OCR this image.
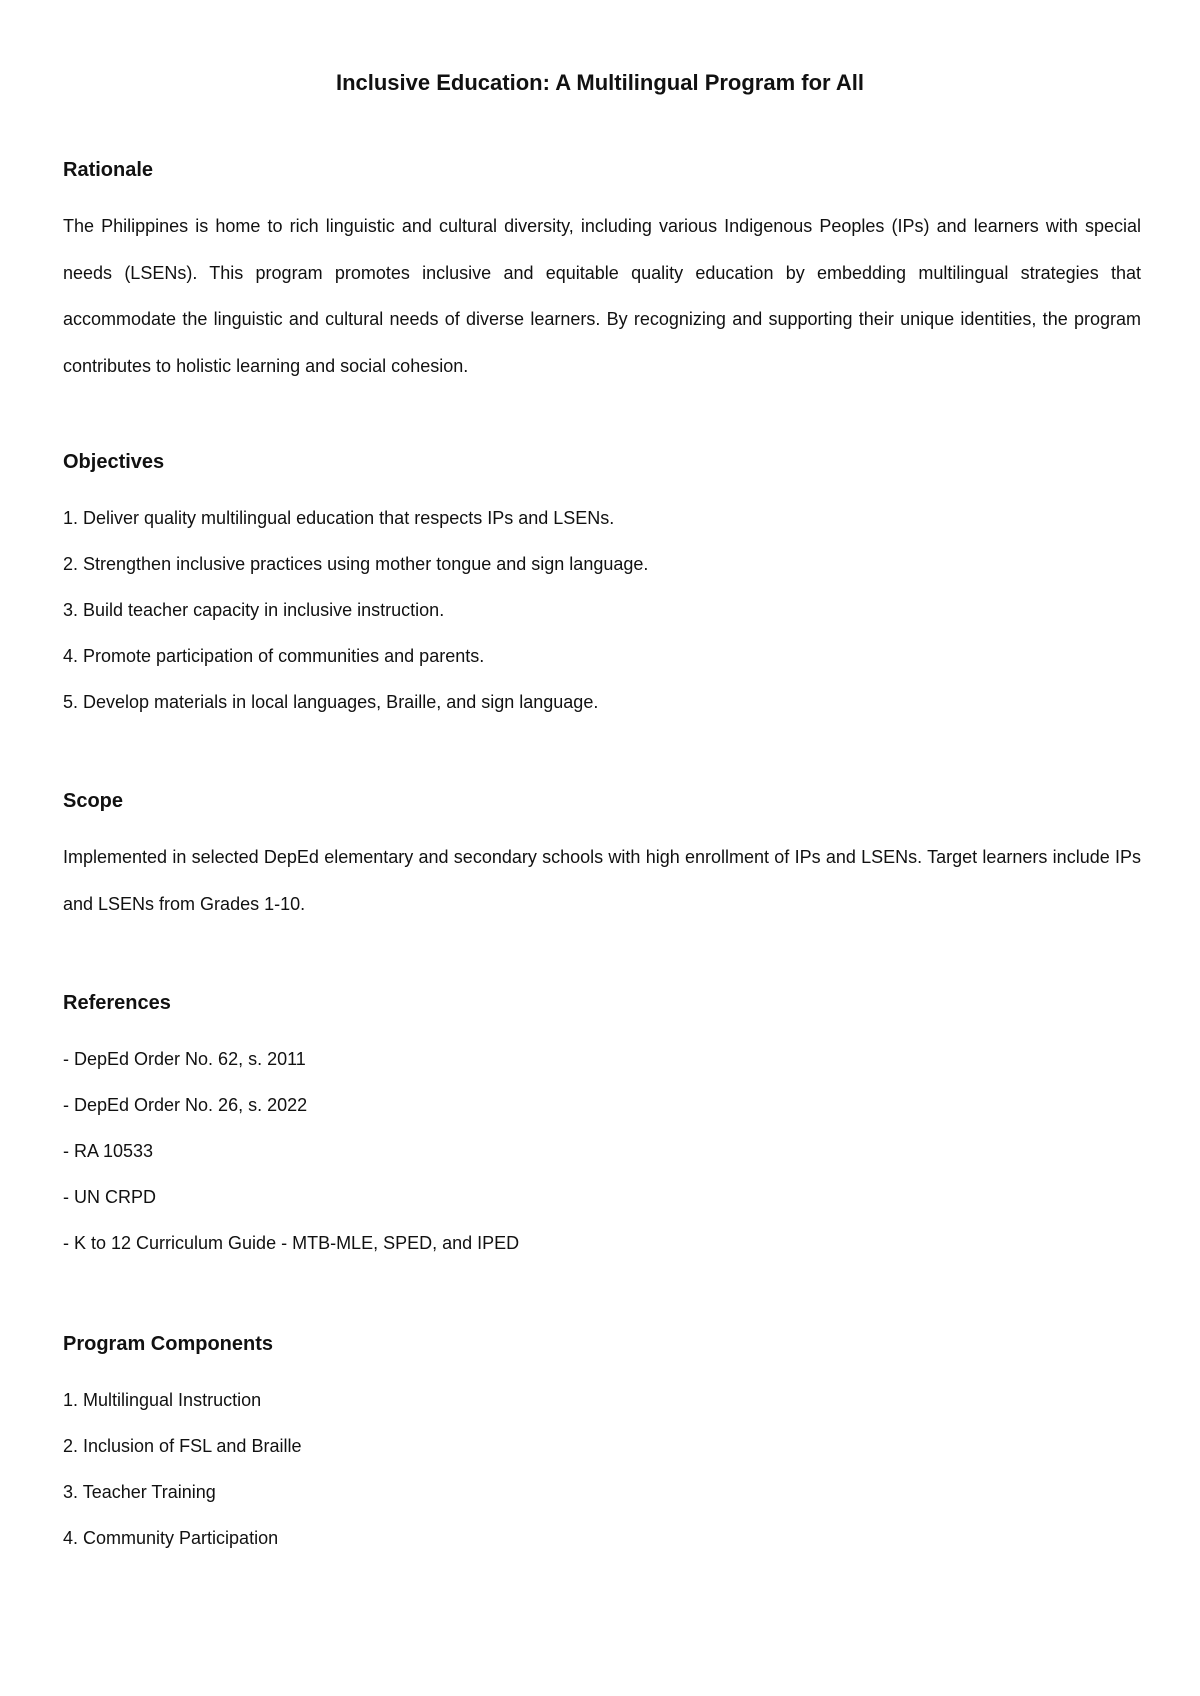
Inclusive Education: A Multilingual Program for All
Rationale

The Philippines is home to rich linguistic and cultural diversity, including various Indigenous Peoples (IPs) and learners with special needs (LSENs). This program promotes inclusive and equitable quality education by embedding multilingual strategies that accommodate the linguistic and cultural needs of diverse learners. By recognizing and supporting their unique identities, the program contributes to holistic learning and social cohesion.

Objectives
1. Deliver quality multilingual education that respects IPs and LSENs.
2. Strengthen inclusive practices using mother tongue and sign language.
3. Build teacher capacity in inclusive instruction.
4. Promote participation of communities and parents.
5. Develop materials in local languages, Braille, and sign language.
Scope

Implemented in selected DepEd elementary and secondary schools with high enrollment of IPs and LSENs. Target learners include IPs and LSENs from Grades 1-10.

References
- DepEd Order No. 62, s. 2011
- DepEd Order No. 26, s. 2022
- RA 10533
- UN CRPD
- K to 12 Curriculum Guide - MTB-MLE, SPED, and IPED
Program Components
1. Multilingual Instruction
2. Inclusion of FSL and Braille
3. Teacher Training
4. Community Participation
